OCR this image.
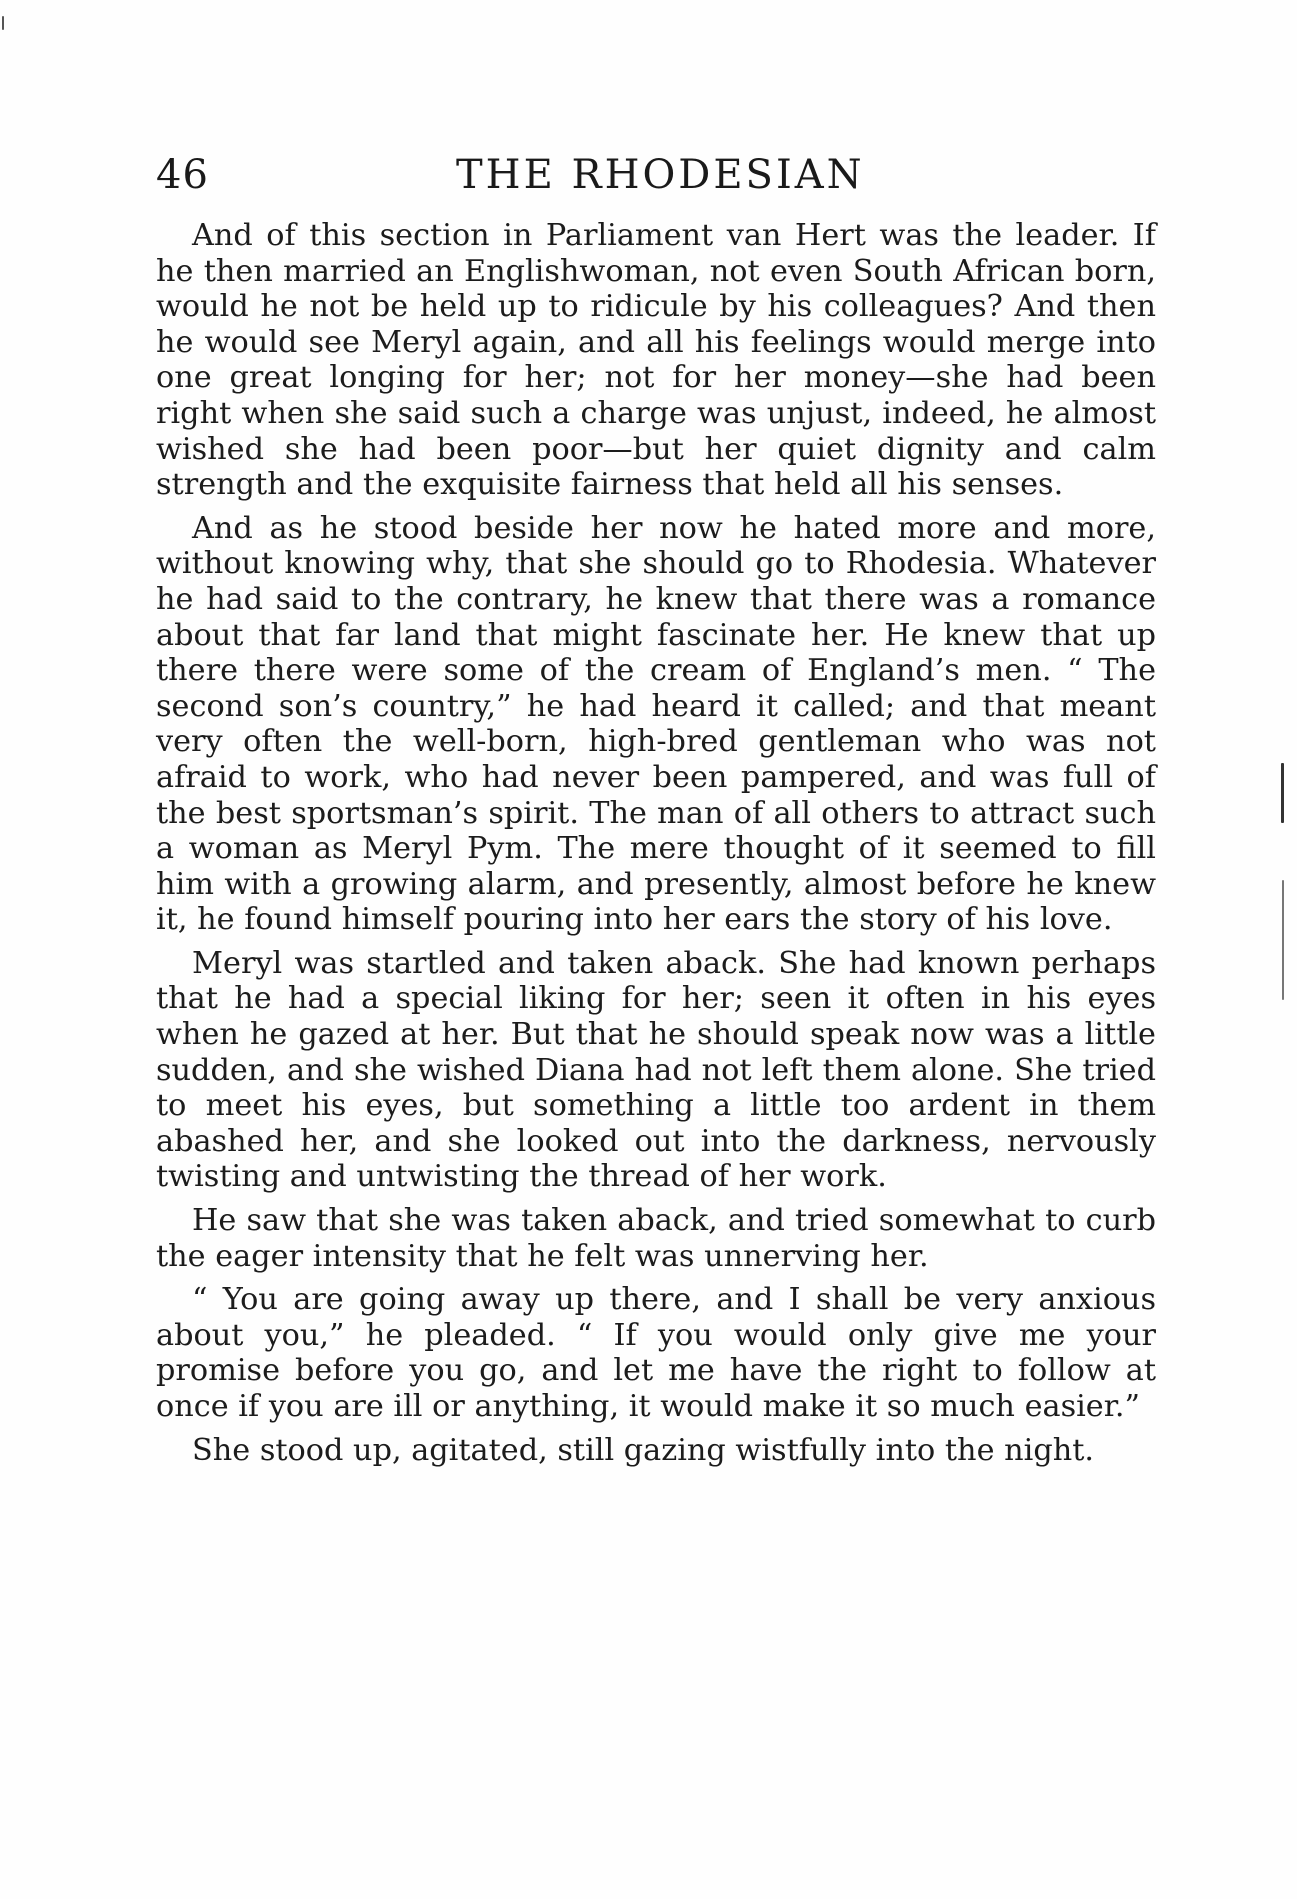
46	THE RHODESIAN

And of this section in Parliament van Hert was the leader. If he then married an Englishwoman, not even South African born, would he not be held up to ridicule by his colleagues? And then he would see Meryl again, and all his feelings would merge into one great longing for her; not for her money—she had been right when she said such a charge was unjust, indeed, he almost wished she had been poor—but her quiet dignity and calm strength and the exquisite fairness that held all his senses.

And as he stood beside her now he hated more and more, without knowing why, that she should go to Rhodesia. Whatever he had said to the contrary, he knew that there was a romance about that far land that might fascinate her. He knew that up there there were some of the cream of England’s men. “ The second son’s country,” he had heard it called; and that meant very often the well-born, high-bred gentleman who was not afraid to work, who had never been pampered, and was full of the best sportsman’s spirit. The man of all others to attract such a woman as Meryl Pym. The mere thought of it seemed to fill him with a growing alarm, and presently, almost before he knew it, he found himself pouring into her ears the story of his love.

Meryl was startled and taken aback. She had known perhaps that he had a special liking for her; seen it often in his eyes when he gazed at her. But that he should speak now was a little sudden, and she wished Diana had not left them alone. She tried to meet his eyes, but something a little too ardent in them abashed her, and she looked out into the darkness, nervously twisting and untwisting the thread of her work.

He saw that she was taken aback, and tried somewhat to curb the eager intensity that he felt was unnerving her.

“ You are going away up there, and I shall be very anxious about you,” he pleaded. “ If you would only give me your promise before you go, and let me have the right to follow at once if you are ill or anything, it would make it so much easier.”

She stood up, agitated, still gazing wistfully into the night.
